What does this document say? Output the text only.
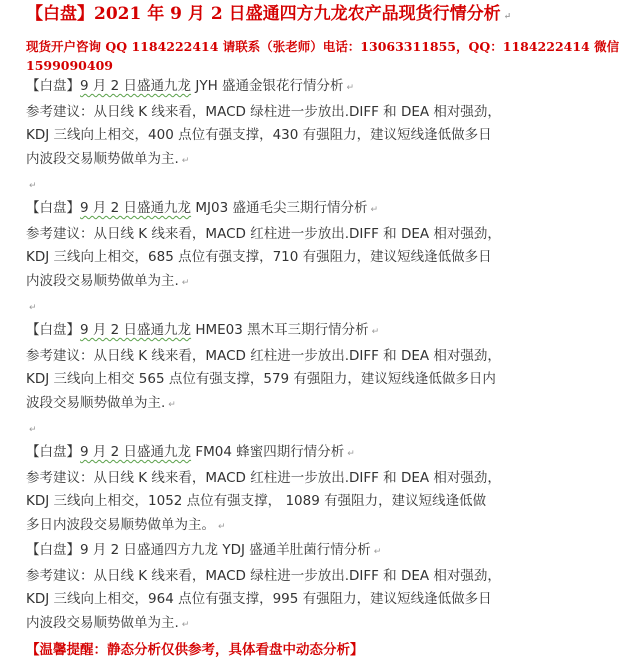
【白盘】2021 年 9 月 2 日盛通四方九龙农产品现货行情分析 ↵
现货开户咨询 QQ 1184222414 请联系（张老师）电话：13063311855，QQ：1184222414 微信 1599090409
【白盘】9 月 2 日盛通九龙 JYH 盛通金银花行情分析 ↵
参考建议：从日线 K 线来看，MACD 绿柱进一步放出.DIFF 和 DEA 相对强劲，
KDJ 三线向上相交，400 点位有强支撑，430 有强阻力，建议短线逢低做多日
内波段交易顺势做单为主. ↵
↵
【白盘】9 月 2 日盛通九龙 MJ03 盛通毛尖三期行情分析 ↵
参考建议：从日线 K 线来看，MACD 红柱进一步放出.DIFF 和 DEA 相对强劲，
KDJ 三线向上相交，685 点位有强支撑，710 有强阻力，建议短线逢低做多日
内波段交易顺势做单为主. ↵
↵
【白盘】9 月 2 日盛通九龙 HME03 黑木耳三期行情分析 ↵
参考建议：从日线 K 线来看，MACD 红柱进一步放出.DIFF 和 DEA 相对强劲，
KDJ 三线向上相交 565 点位有强支撑，579 有强阻力，建议短线逢低做多日内
波段交易顺势做单为主. ↵
↵
【白盘】9 月 2 日盛通九龙 FM04 蜂蜜四期行情分析 ↵
参考建议：从日线 K 线来看，MACD 红柱进一步放出.DIFF 和 DEA 相对强劲，
KDJ 三线向上相交，1052 点位有强支撑， 1089 有强阻力，建议短线逢低做
多日内波段交易顺势做单为主。 ↵
【白盘】9 月 2 日盛通四方九龙 YDJ 盛通羊肚菌行情分析 ↵
参考建议：从日线 K 线来看，MACD 绿柱进一步放出.DIFF 和 DEA 相对强劲，
KDJ 三线向上相交，964 点位有强支撑，995 有强阻力，建议短线逢低做多日
内波段交易顺势做单为主. ↵
【温馨提醒：静态分析仅供参考，具体看盘中动态分析】
